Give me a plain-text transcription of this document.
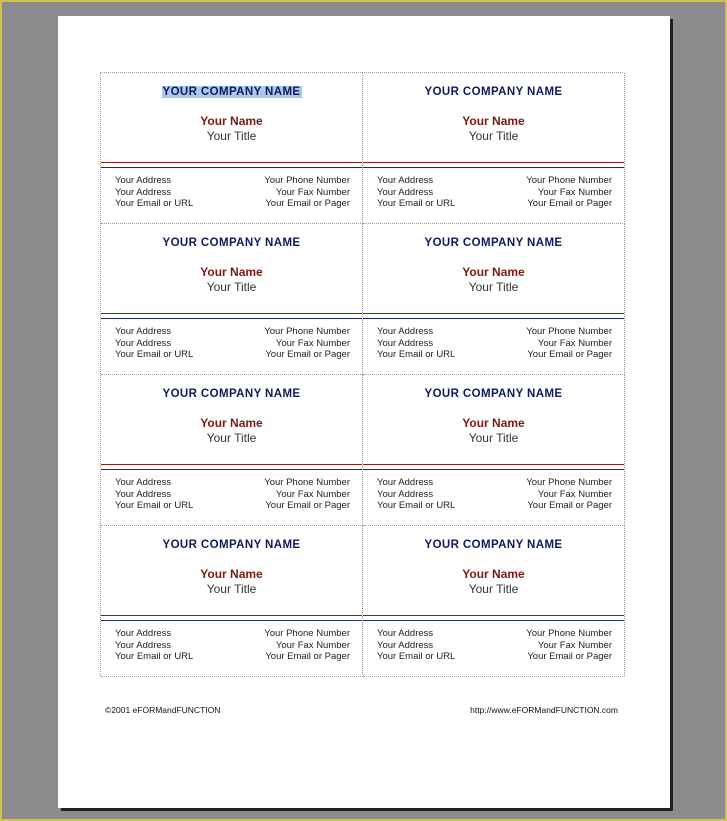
YOUR COMPANY NAME
Your Name
Your Title
Your Address
Your Address
Your Email or URL
Your Phone Number
Your Fax Number
Your Email or Pager
YOUR COMPANY NAME
Your Name
Your Title
Your Address
Your Address
Your Email or URL
Your Phone Number
Your Fax Number
Your Email or Pager
YOUR COMPANY NAME
Your Name
Your Title
Your Address
Your Address
Your Email or URL
Your Phone Number
Your Fax Number
Your Email or Pager
YOUR COMPANY NAME
Your Name
Your Title
Your Address
Your Address
Your Email or URL
Your Phone Number
Your Fax Number
Your Email or Pager
YOUR COMPANY NAME
Your Name
Your Title
Your Address
Your Address
Your Email or URL
Your Phone Number
Your Fax Number
Your Email or Pager
YOUR COMPANY NAME
Your Name
Your Title
Your Address
Your Address
Your Email or URL
Your Phone Number
Your Fax Number
Your Email or Pager
YOUR COMPANY NAME
Your Name
Your Title
Your Address
Your Address
Your Email or URL
Your Phone Number
Your Fax Number
Your Email or Pager
YOUR COMPANY NAME
Your Name
Your Title
Your Address
Your Address
Your Email or URL
Your Phone Number
Your Fax Number
Your Email or Pager
©2001 eFORMandFUNCTION	http://www.eFORMandFUNCTION.com
